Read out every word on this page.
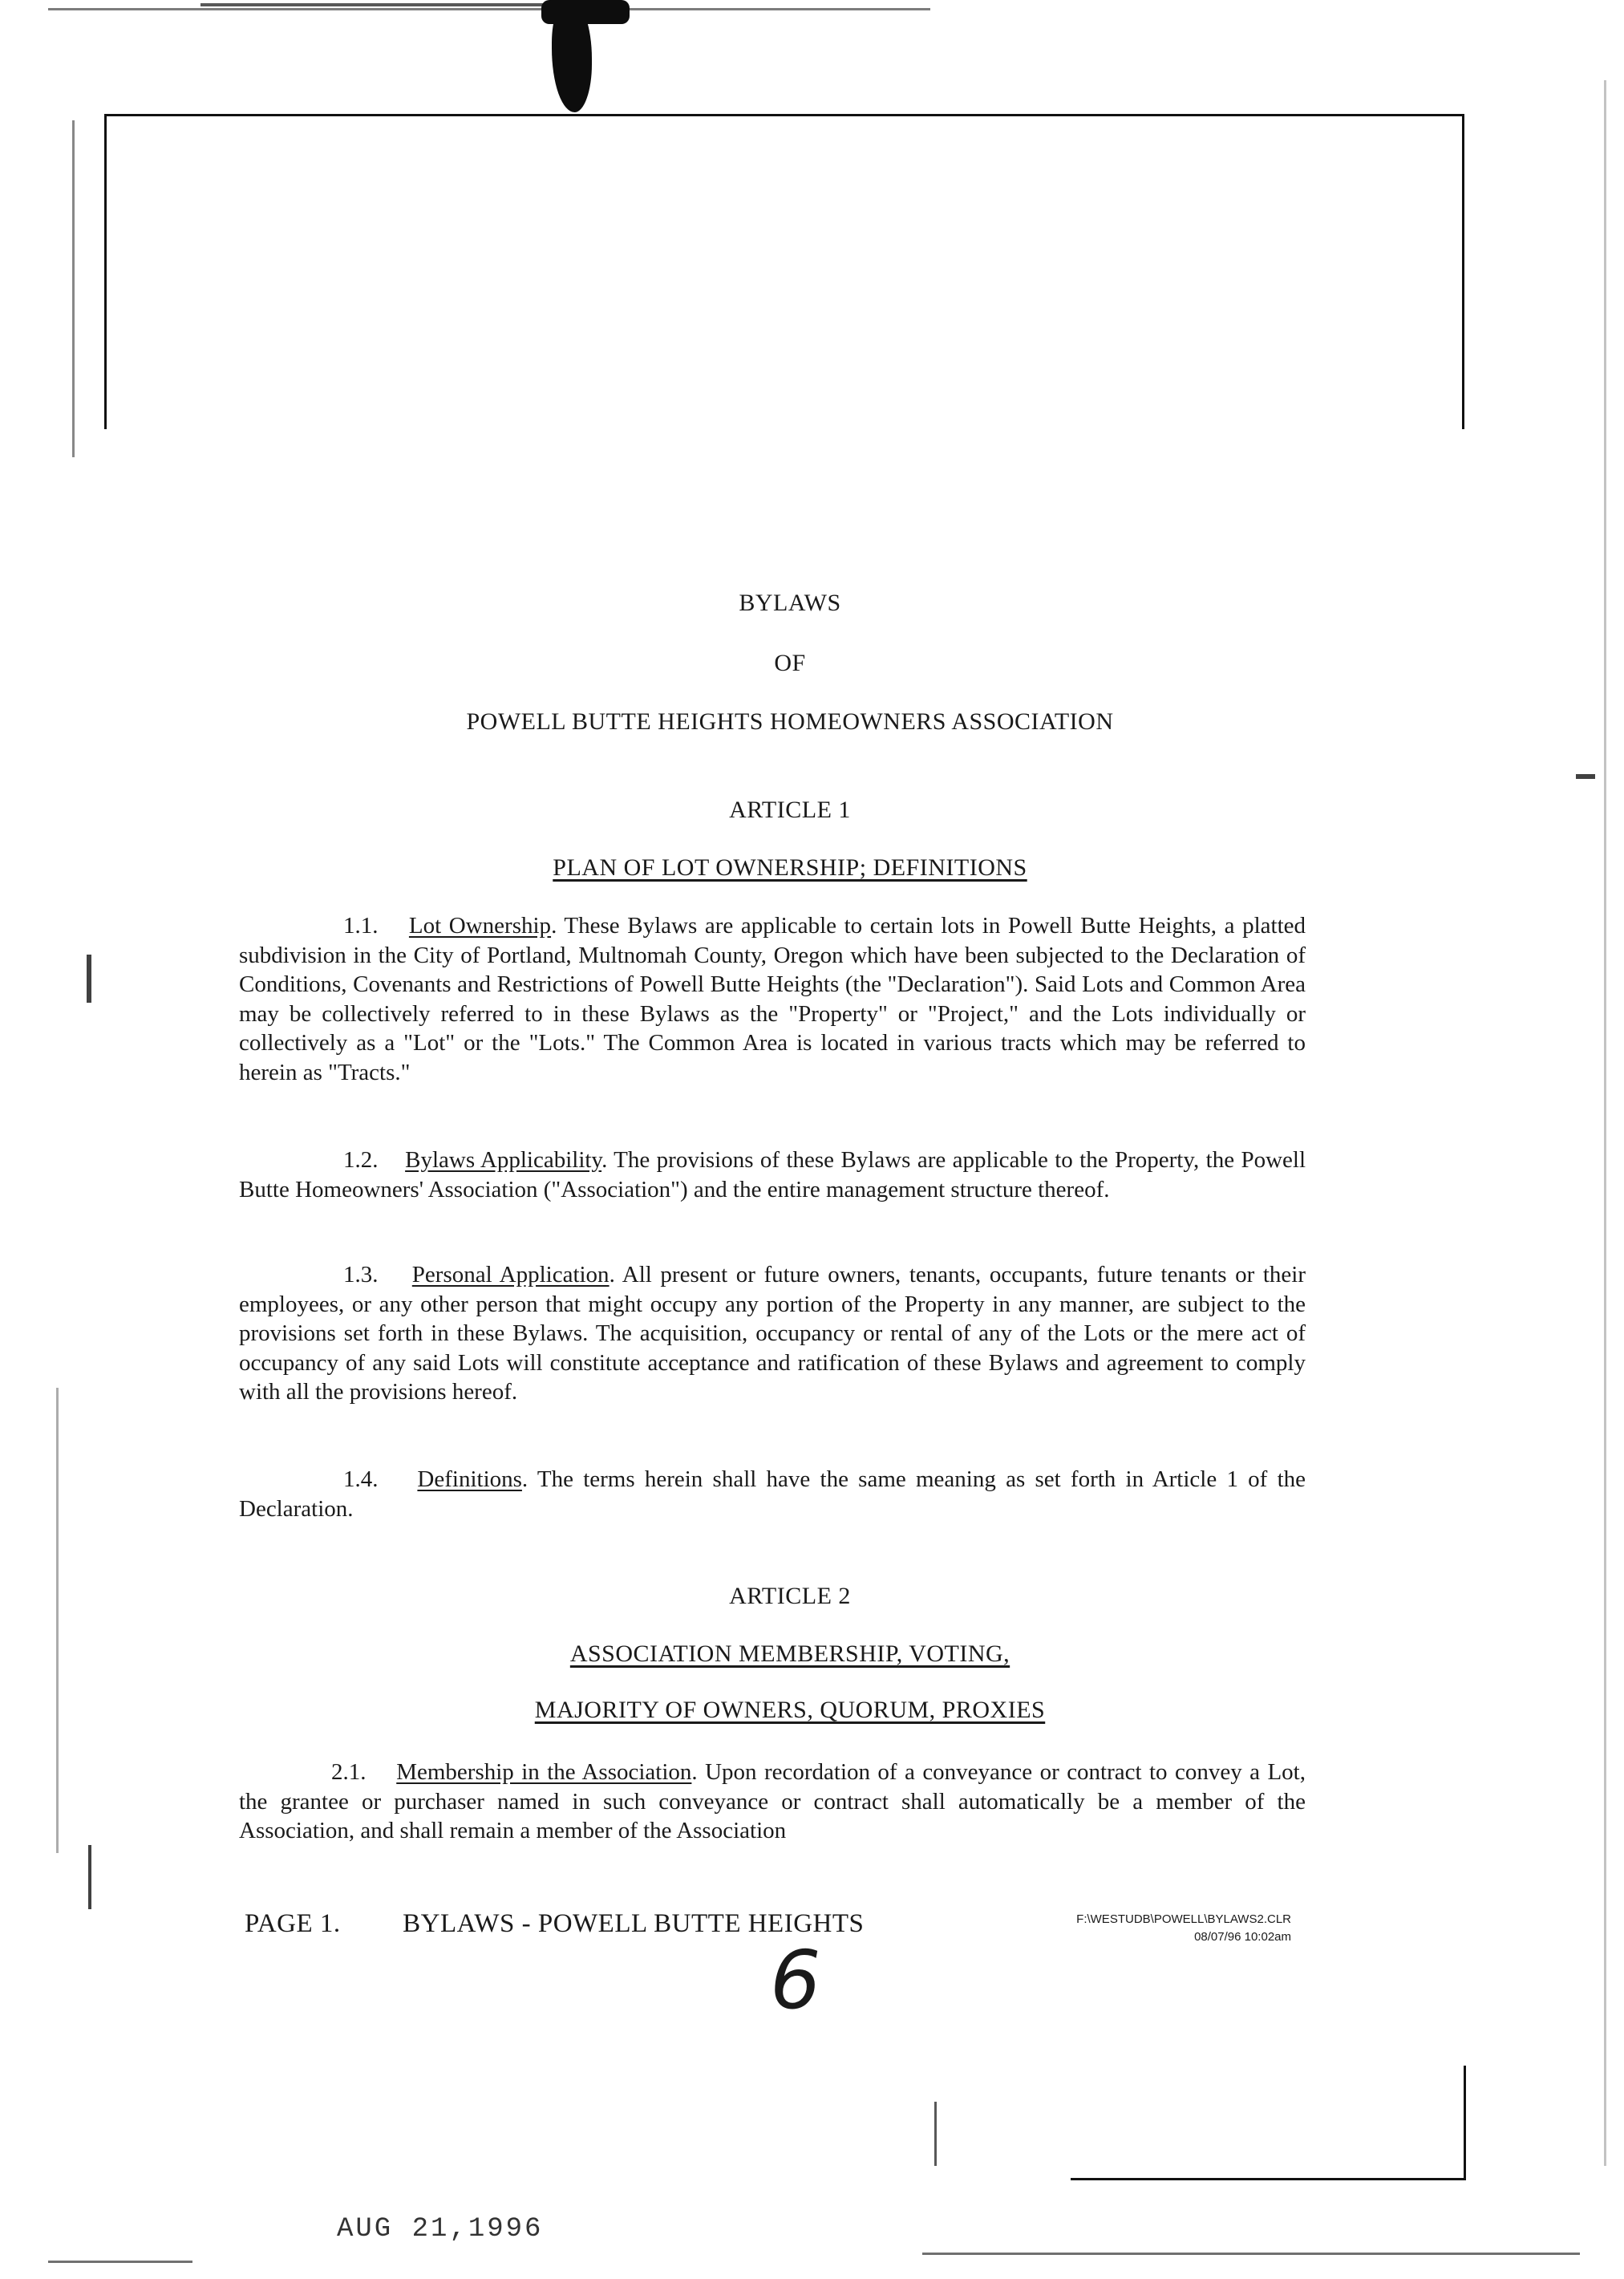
BYLAWS
OF
POWELL BUTTE HEIGHTS HOMEOWNERS ASSOCIATION
ARTICLE 1
PLAN OF LOT OWNERSHIP; DEFINITIONS
1.1. Lot Ownership. These Bylaws are applicable to certain lots in Powell Butte Heights, a platted subdivision in the City of Portland, Multnomah County, Oregon which have been subjected to the Declaration of Conditions, Covenants and Restrictions of Powell Butte Heights (the "Declaration"). Said Lots and Common Area may be collectively referred to in these Bylaws as the "Property" or "Project," and the Lots individually or collectively as a "Lot" or the "Lots." The Common Area is located in various tracts which may be referred to herein as "Tracts."
1.2. Bylaws Applicability. The provisions of these Bylaws are applicable to the Property, the Powell Butte Homeowners' Association ("Association") and the entire management structure thereof.
1.3. Personal Application. All present or future owners, tenants, occupants, future tenants or their employees, or any other person that might occupy any portion of the Property in any manner, are subject to the provisions set forth in these Bylaws. The acquisition, occupancy or rental of any of the Lots or the mere act of occupancy of any said Lots will constitute acceptance and ratification of these Bylaws and agreement to comply with all the provisions hereof.
1.4. Definitions. The terms herein shall have the same meaning as set forth in Article 1 of the Declaration.
ARTICLE 2
ASSOCIATION MEMBERSHIP, VOTING,
MAJORITY OF OWNERS, QUORUM, PROXIES
2.1. Membership in the Association. Upon recordation of a conveyance or contract to convey a Lot, the grantee or purchaser named in such conveyance or contract shall automatically be a member of the Association, and shall remain a member of the Association
PAGE 1. BYLAWS - POWELL BUTTE HEIGHTS	F:\WESTUDB\POWELL\BYLAWS2.CLR
08/07/96 10:02am
6
AUG 21,1996
